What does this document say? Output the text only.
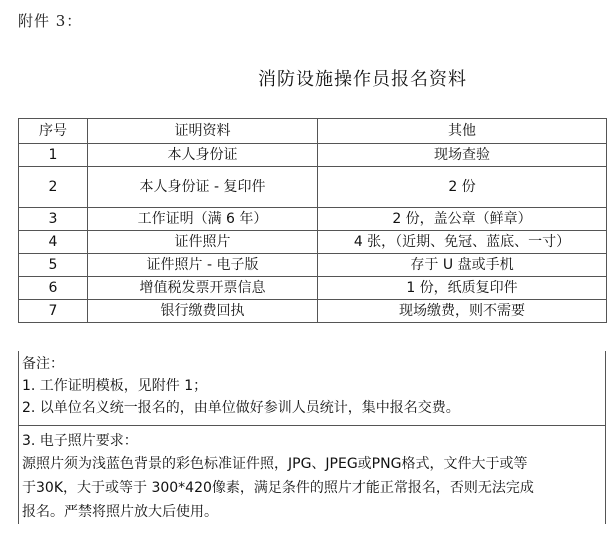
附件 3：
消防设施操作员报名资料
序号	证明资料	其他
1	本人身份证	现场查验
2	本人身份证 - 复印件	2 份
3	工作证明（满 6 年）	2 份，盖公章（鲜章）
4	证件照片	4 张，（近期、免冠、蓝底、一寸）
5	证件照片 - 电子版	存于 U 盘或手机
6	增值税发票开票信息	1 份，纸质复印件
7	银行缴费回执	现场缴费，则不需要
备注：
1. 工作证明模板，见附件 1；
2. 以单位名义统一报名的，由单位做好参训人员统计，集中报名交费。
3. 电子照片要求：
源照片须为浅蓝色背景的彩色标准证件照，JPG、JPEG或PNG格式，文件大于或等
于30K，大于或等于 300*420像素，满足条件的照片才能正常报名，否则无法完成
报名。严禁将照片放大后使用。
